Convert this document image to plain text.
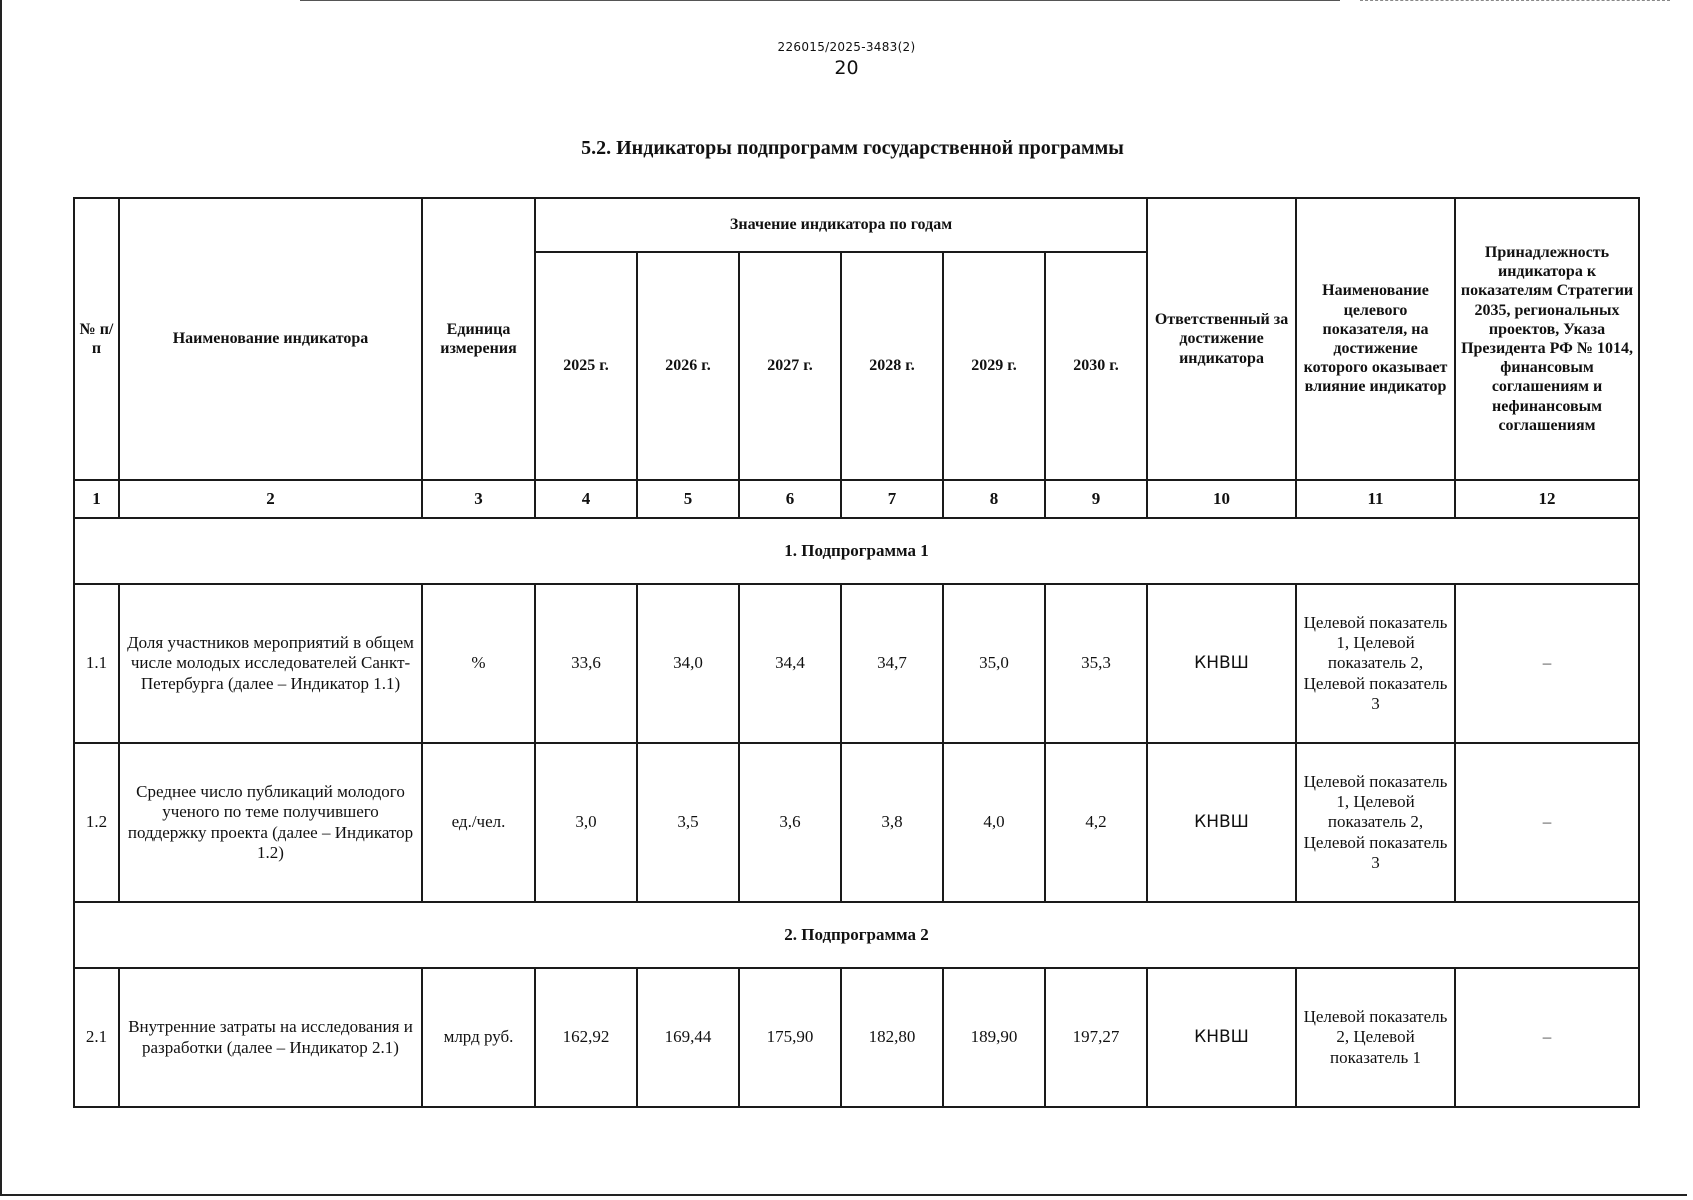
226015/2025-3483(2)
20
5.2. Индикаторы подпрограмм государственной программы
№ п/п	Наименование индикатора	Единица измерения	Значение индикатора по годам						Ответственный за достижение индикатора	Наименование целевого показателя, на достижение которого оказывает влияние индикатор	Принадлежность индикатора к показателям Стратегии 2035, региональных проектов, Указа Президента РФ № 1014, финансовым соглашениям и нефинансовым соглашениям
			2025 г.	2026 г.	2027 г.	2028 г.	2029 г.	2030 г.			
1	2	3	4	5	6	7	8	9	10	11	12
1. Подпрограмма 1											
1.1	Доля участников мероприятий в общем числе молодых исследователей Санкт-Петербурга (далее – Индикатор 1.1)	%	33,6	34,0	34,4	34,7	35,0	35,3	КНВШ	Целевой показатель 1, Целевой показатель 2, Целевой показатель 3	–
1.2	Среднее число публикаций молодого ученого по теме получившего поддержку проекта (далее – Индикатор 1.2)	ед./чел.	3,0	3,5	3,6	3,8	4,0	4,2	КНВШ	Целевой показатель 1, Целевой показатель 2, Целевой показатель 3	–
2. Подпрограмма 2											
2.1	Внутренние затраты на исследования и разработки (далее – Индикатор 2.1)	млрд руб.	162,92	169,44	175,90	182,80	189,90	197,27	КНВШ	Целевой показатель 2, Целевой показатель 1	–
